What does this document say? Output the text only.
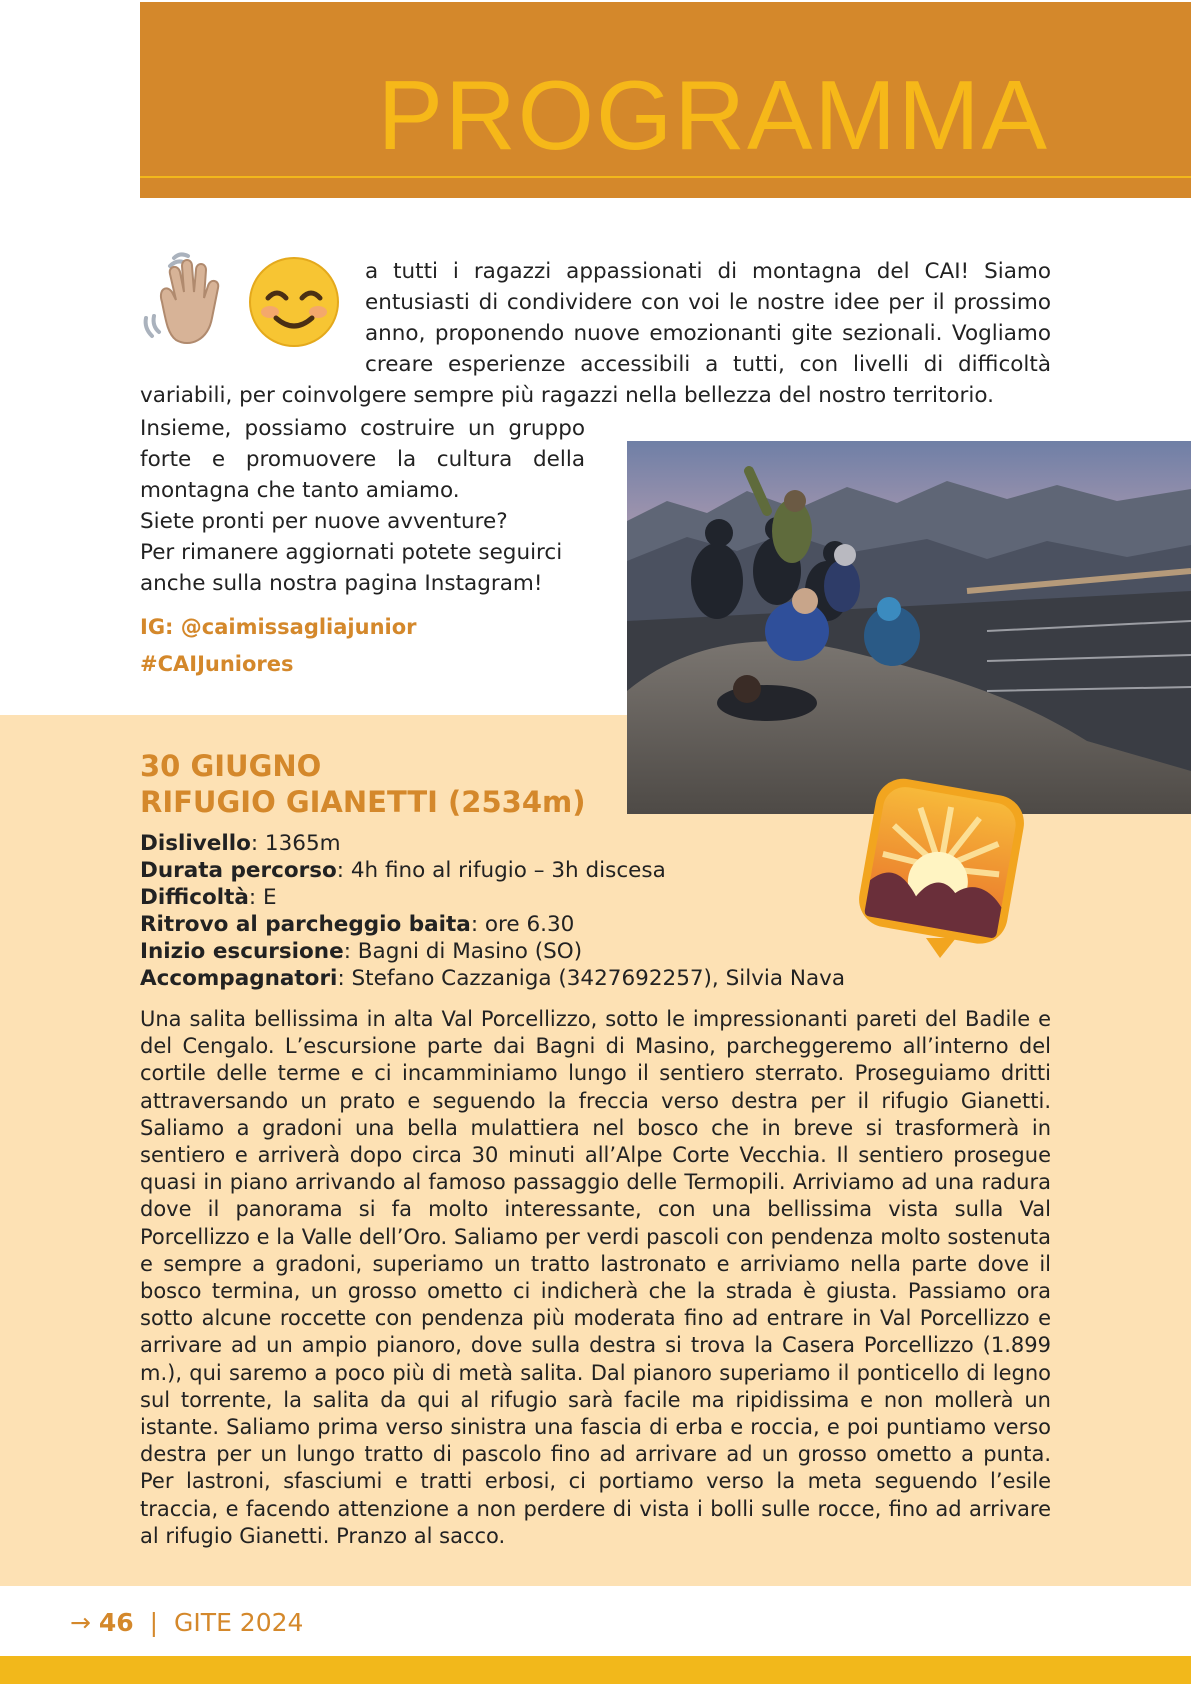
PROGRAMMA

a tutti i ragazzi appassionati di montagna del CAI! Siamo entusiasti di condividere con voi le nostre idee per il prossimo anno, proponendo nuove emozionanti gite sezionali. Vogliamo creare esperienze accessibili a tutti, con livelli di difficoltà variabili, per coinvolgere sempre più ragazzi nella bellezza del nostro territorio.

Insieme, possiamo costruire un gruppo forte e promuovere la cultura della montagna che tanto amiamo.

Siete pronti per nuove avventure?

Per rimanere aggiornati potete seguirci anche sulla nostra pagina Instagram!

IG: @caimissagliajunior
#CAIJuniores

30 GIUGNO

RIFUGIO GIANETTI (2534m)

Dislivello: 1365m
Durata percorso: 4h fino al rifugio – 3h discesa
Difficoltà: E
Ritrovo al parcheggio baita: ore 6.30
Inizio escursione: Bagni di Masino (SO)
Accompagnatori: Stefano Cazzaniga (3427692257), Silvia Nava

Una salita bellissima in alta Val Porcellizzo, sotto le impressionanti pareti del Badile e del Cengalo. L’escursione parte dai Bagni di Masino, parcheggeremo all’interno del cortile delle terme e ci incamminiamo lungo il sentiero sterrato. Proseguiamo dritti attraversando un prato e seguendo la freccia verso destra per il rifugio Gianetti. Saliamo a gradoni una bella mulattiera nel bosco che in breve si trasformerà in sentiero e arriverà dopo circa 30 minuti all’Alpe Corte Vecchia. Il sentiero prosegue quasi in piano arrivando al famoso passaggio delle Termopili. Arriviamo ad una radura dove il panorama si fa molto interessante, con una bellissima vista sulla Val Porcellizzo e la Valle dell’Oro. Saliamo per verdi pascoli con pendenza molto sostenuta e sempre a gradoni, superiamo un tratto lastronato e arriviamo nella parte dove il bosco termina, un grosso ometto ci indicherà che la strada è giusta. Passiamo ora sotto alcune roccette con pendenza più moderata fino ad entrare in Val Porcellizzo e arrivare ad un ampio pianoro, dove sulla destra si trova la Casera Porcellizzo (1.899 m.), qui saremo a poco più di metà salita. Dal pianoro superiamo il ponticello di legno sul torrente, la salita da qui al rifugio sarà facile ma ripidissima e non mollerà un istante. Saliamo prima verso sinistra una fascia di erba e roccia, e poi puntiamo verso destra per un lungo tratto di pascolo fino ad arrivare ad un grosso ometto a punta. Per lastroni, sfasciumi e tratti erbosi, ci portiamo verso la meta seguendo l’esile traccia, e facendo attenzione a non perdere di vista i bolli sulle rocce, fino ad arrivare al rifugio Gianetti. Pranzo al sacco.

→ 46 | GITE 2024
